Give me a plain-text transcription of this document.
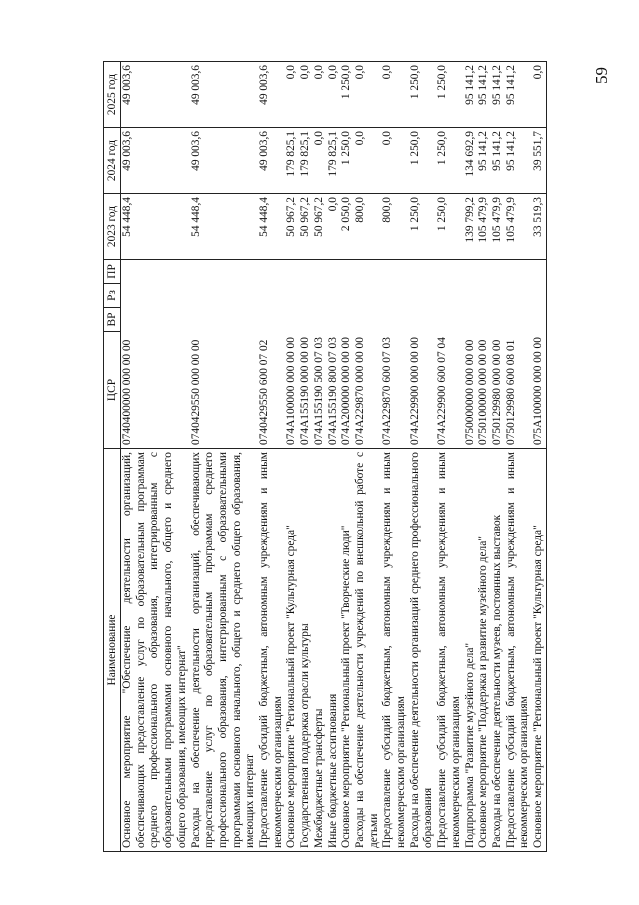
59
Наименование	ЦСР	ВР	Рз	ПР	2023 год	2024 год	2025 год
Основное мероприятие "Обеспечение деятельности организаций, обеспечивающих предоставление услуг по образовательным программам среднего профессионального образования, интегрированным с образовательными программами основного начального, общего и среднего общего образования, имеющих интернат"	0740400000 000 00 00				54 448,4	49 003,6	49 003,6
Расходы на обеспечение деятельности организаций, обеспечивающих предоставление услуг по образовательным программам среднего профессионального образования, интегрированным с образовательными программами основного начального, общего и среднего общего образования, имеющих интернат	0740429550 000 00 00				54 448,4	49 003,6	49 003,6
Предоставление субсидий бюджетным, автономным учреждениям и иным некоммерческим организациям	0740429550 600 07 02				54 448,4	49 003,6	49 003,6
Основное мероприятие "Региональный проект "Культурная среда"	074A100000 000 00 00				50 967,2	179 825,1	0,0
Государственная поддержка отрасли культуры	074A155190 000 00 00				50 967,2	179 825,1	0,0
Межбюджетные трансферты	074A155190 500 07 03				50 967,2	0,0	0,0
Иные бюджетные ассигнования	074A155190 800 07 03				0,0	179 825,1	0,0
Основное мероприятие "Региональный проект "Творческие люди"	074A200000 000 00 00				2 050,0	1 250,0	1 250,0
Расходы на обеспечение деятельности учреждений по внешкольной работе с детьми	074A229870 000 00 00				800,0	0,0	0,0
Предоставление субсидий бюджетным, автономным учреждениям и иным некоммерческим организациям	074A229870 600 07 03				800,0	0,0	0,0
Расходы на обеспечение деятельности организаций среднего профессионального образования	074A229900 000 00 00				1 250,0	1 250,0	1 250,0
Предоставление субсидий бюджетным, автономным учреждениям и иным некоммерческим организациям	074A229900 600 07 04				1 250,0	1 250,0	1 250,0
Подпрограмма "Развитие музейного дела"	0750000000 000 00 00				139 799,2	134 692,9	95 141,2
Основное мероприятие "Поддержка и развитие музейного дела"	0750100000 000 00 00				105 479,9	95 141,2	95 141,2
Расходы на обеспечение деятельности музеев, постоянных выставок	0750129980 000 00 00				105 479,9	95 141,2	95 141,2
Предоставление субсидий бюджетным, автономным учреждениям и иным некоммерческим организациям	0750129980 600 08 01				105 479,9	95 141,2	95 141,2
Основное мероприятие "Региональный проект "Культурная среда"	075A100000 000 00 00				33 519,3	39 551,7	0,0
